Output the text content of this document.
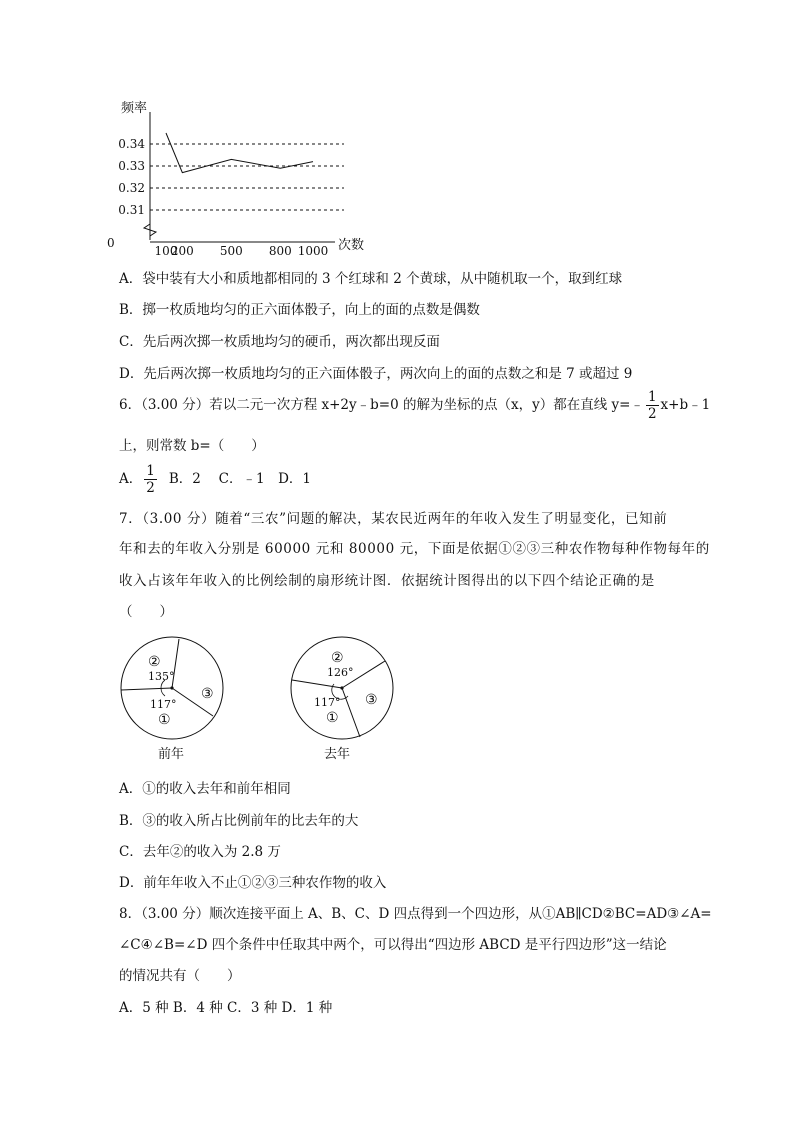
频率
0	次数
0.34
0.33
0.32
0.31
100
200 500 800 1000
A．袋中装有大小和质地都相同的 3 个红球和 2 个黄球，从中随机取一个，取到红球
B．掷一枚质地均匀的正六面体骰子，向上的面的点数是偶数
C．先后两次掷一枚质地均匀的硬币，两次都出现反面
D．先后两次掷一枚质地均匀的正六面体骰子，两次向上的面的点数之和是 7 或超过 9
6．（3.00 分）若以二元一次方程 x+2y﹣b=0 的解为坐标的点（x，y）都在直线 y=﹣ $\frac{1}{2}$ x+b﹣1
上，则常数 b=（　　）
A． $\frac{1}{2}$ B．2　 C．﹣1　D．1
7．（3.00 分）随着“三农”问题的解决，某农民近两年的年收入发生了明显变化，已知前
年和去的年收入分别是 60000 元和 80000 元，下面是依据①②③三种农作物每种作物每年的
收入占该年年收入的比例绘制的扇形统计图．依据统计图得出的以下四个结论正确的是
（　　）
②
135°
③
117°
①
前年
②
126°
③
117°
①
去年
A．①的收入去年和前年相同
B．③的收入所占比例前年的比去年的大
C．去年②的收入为 2.8 万
D．前年年收入不止①②③三种农作物的收入
8．（3.00 分）顺次连接平面上 A、B、C、D 四点得到一个四边形，从①AB∥CD②BC=AD③∠A=
∠C④∠B=∠D 四个条件中任取其中两个，可以得出“四边形 ABCD 是平行四边形”这一结论
的情况共有（　　）
A．5 种 B．4 种 C．3 种 D．1 种
